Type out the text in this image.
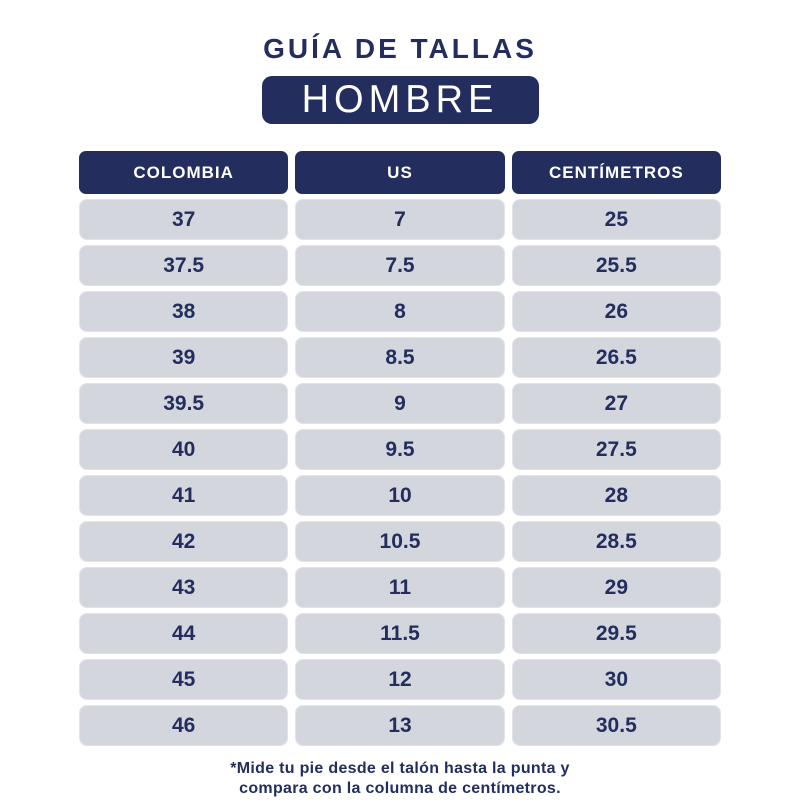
GUÍA DE TALLAS
HOMBRE
COLOMBIA	US	CENTÍMETROS
37	7	25
37.5	7.5	25.5
38	8	26
39	8.5	26.5
39.5	9	27
40	9.5	27.5
41	10	28
42	10.5	28.5
43	11	29
44	11.5	29.5
45	12	30
46	13	30.5
*Mide tu pie desde el talón hasta la punta y
compara con la columna de centímetros.
